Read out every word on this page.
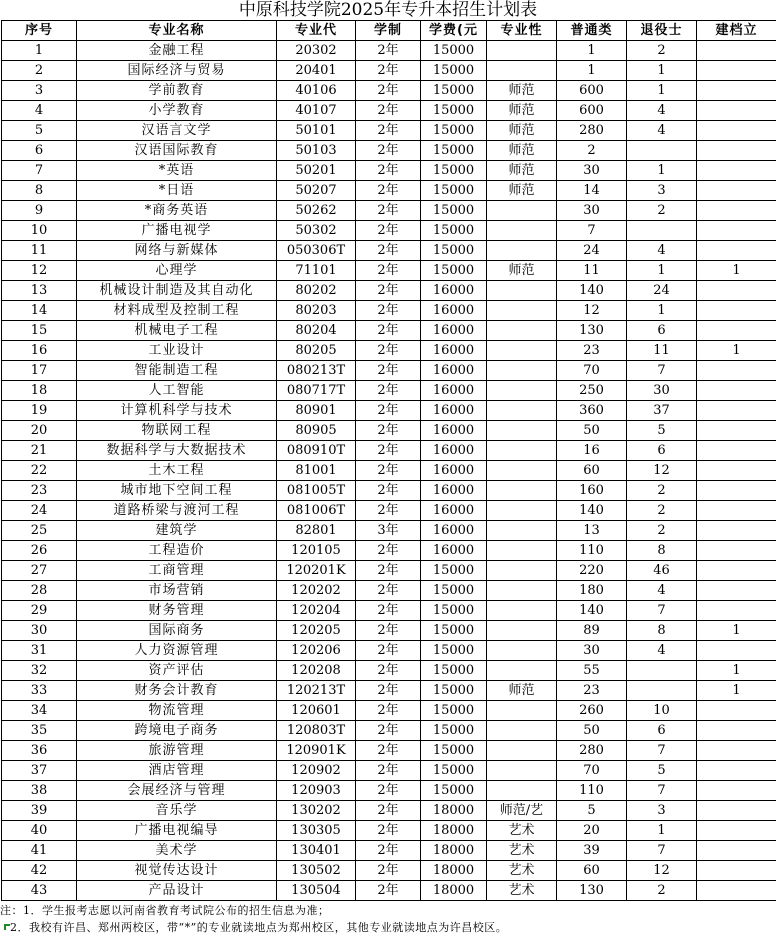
中原科技学院2025年专升本招生计划表
序号	专业名称	专业代	学制	学费(元	专业性	普通类	退役士	建档立
1	金融工程	20302	2年	15000		1	2	
2	国际经济与贸易	20401	2年	15000		1	1	
3	学前教育	40106	2年	15000	师范	600	1	
4	小学教育	40107	2年	15000	师范	600	4	
5	汉语言文学	50101	2年	15000	师范	280	4	
6	汉语国际教育	50103	2年	15000	师范	2		
7	*英语	50201	2年	15000	师范	30	1	
8	*日语	50207	2年	15000	师范	14	3	
9	*商务英语	50262	2年	15000		30	2	
10	广播电视学	50302	2年	15000		7		
11	网络与新媒体	050306T	2年	15000		24	4	
12	心理学	71101	2年	15000	师范	11	1	1
13	机械设计制造及其自动化	80202	2年	16000		140	24	
14	材料成型及控制工程	80203	2年	16000		12	1	
15	机械电子工程	80204	2年	16000		130	6	
16	工业设计	80205	2年	16000		23	11	1
17	智能制造工程	080213T	2年	16000		70	7	
18	人工智能	080717T	2年	16000		250	30	
19	计算机科学与技术	80901	2年	16000		360	37	
20	物联网工程	80905	2年	16000		50	5	
21	数据科学与大数据技术	080910T	2年	16000		16	6	
22	土木工程	81001	2年	16000		60	12	
23	城市地下空间工程	081005T	2年	16000		160	2	
24	道路桥梁与渡河工程	081006T	2年	16000		140	2	
25	建筑学	82801	3年	16000		13	2	
26	工程造价	120105	2年	16000		110	8	
27	工商管理	120201K	2年	15000		220	46	
28	市场营销	120202	2年	15000		180	4	
29	财务管理	120204	2年	15000		140	7	
30	国际商务	120205	2年	15000		89	8	1
31	人力资源管理	120206	2年	15000		30	4	
32	资产评估	120208	2年	15000		55		1
33	财务会计教育	120213T	2年	15000	师范	23		1
34	物流管理	120601	2年	15000		260	10	
35	跨境电子商务	120803T	2年	15000		50	6	
36	旅游管理	120901K	2年	15000		280	7	
37	酒店管理	120902	2年	15000		70	5	
38	会展经济与管理	120903	2年	15000		110	7	
39	音乐学	130202	2年	18000	师范/艺	5	3	
40	广播电视编导	130305	2年	18000	艺术	20	1	
41	美术学	130401	2年	18000	艺术	39	7	
42	视觉传达设计	130502	2年	18000	艺术	60	12	
43	产品设计	130504	2年	18000	艺术	130	2	
注：1．学生报考志愿以河南省教育考试院公布的招生信息为准；
2．我校有许昌、郑州两校区，带“*”的专业就读地点为郑州校区，其他专业就读地点为许昌校区。
